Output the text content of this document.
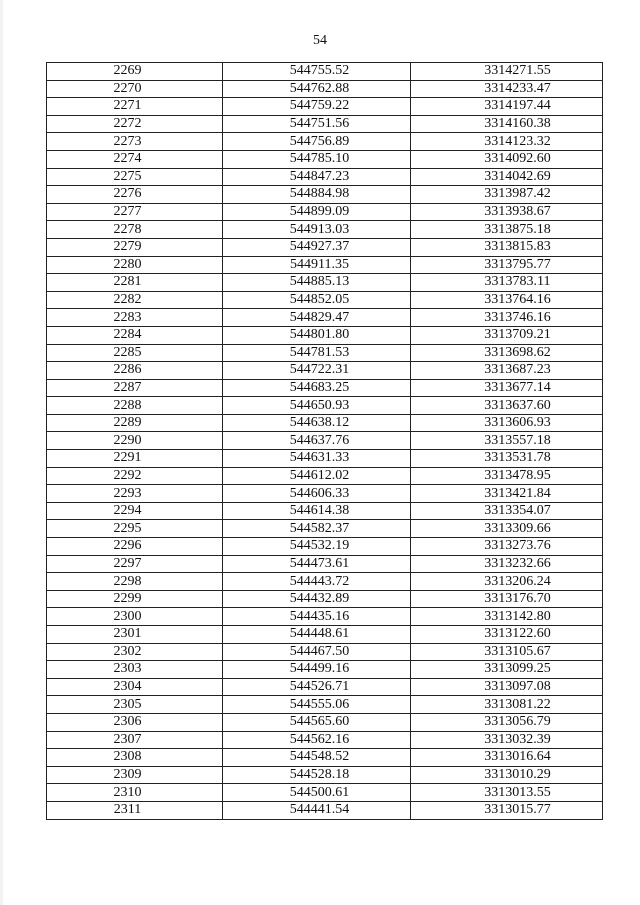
54
2269	544755.52	3314271.55
2270	544762.88	3314233.47
2271	544759.22	3314197.44
2272	544751.56	3314160.38
2273	544756.89	3314123.32
2274	544785.10	3314092.60
2275	544847.23	3314042.69
2276	544884.98	3313987.42
2277	544899.09	3313938.67
2278	544913.03	3313875.18
2279	544927.37	3313815.83
2280	544911.35	3313795.77
2281	544885.13	3313783.11
2282	544852.05	3313764.16
2283	544829.47	3313746.16
2284	544801.80	3313709.21
2285	544781.53	3313698.62
2286	544722.31	3313687.23
2287	544683.25	3313677.14
2288	544650.93	3313637.60
2289	544638.12	3313606.93
2290	544637.76	3313557.18
2291	544631.33	3313531.78
2292	544612.02	3313478.95
2293	544606.33	3313421.84
2294	544614.38	3313354.07
2295	544582.37	3313309.66
2296	544532.19	3313273.76
2297	544473.61	3313232.66
2298	544443.72	3313206.24
2299	544432.89	3313176.70
2300	544435.16	3313142.80
2301	544448.61	3313122.60
2302	544467.50	3313105.67
2303	544499.16	3313099.25
2304	544526.71	3313097.08
2305	544555.06	3313081.22
2306	544565.60	3313056.79
2307	544562.16	3313032.39
2308	544548.52	3313016.64
2309	544528.18	3313010.29
2310	544500.61	3313013.55
2311	544441.54	3313015.77
